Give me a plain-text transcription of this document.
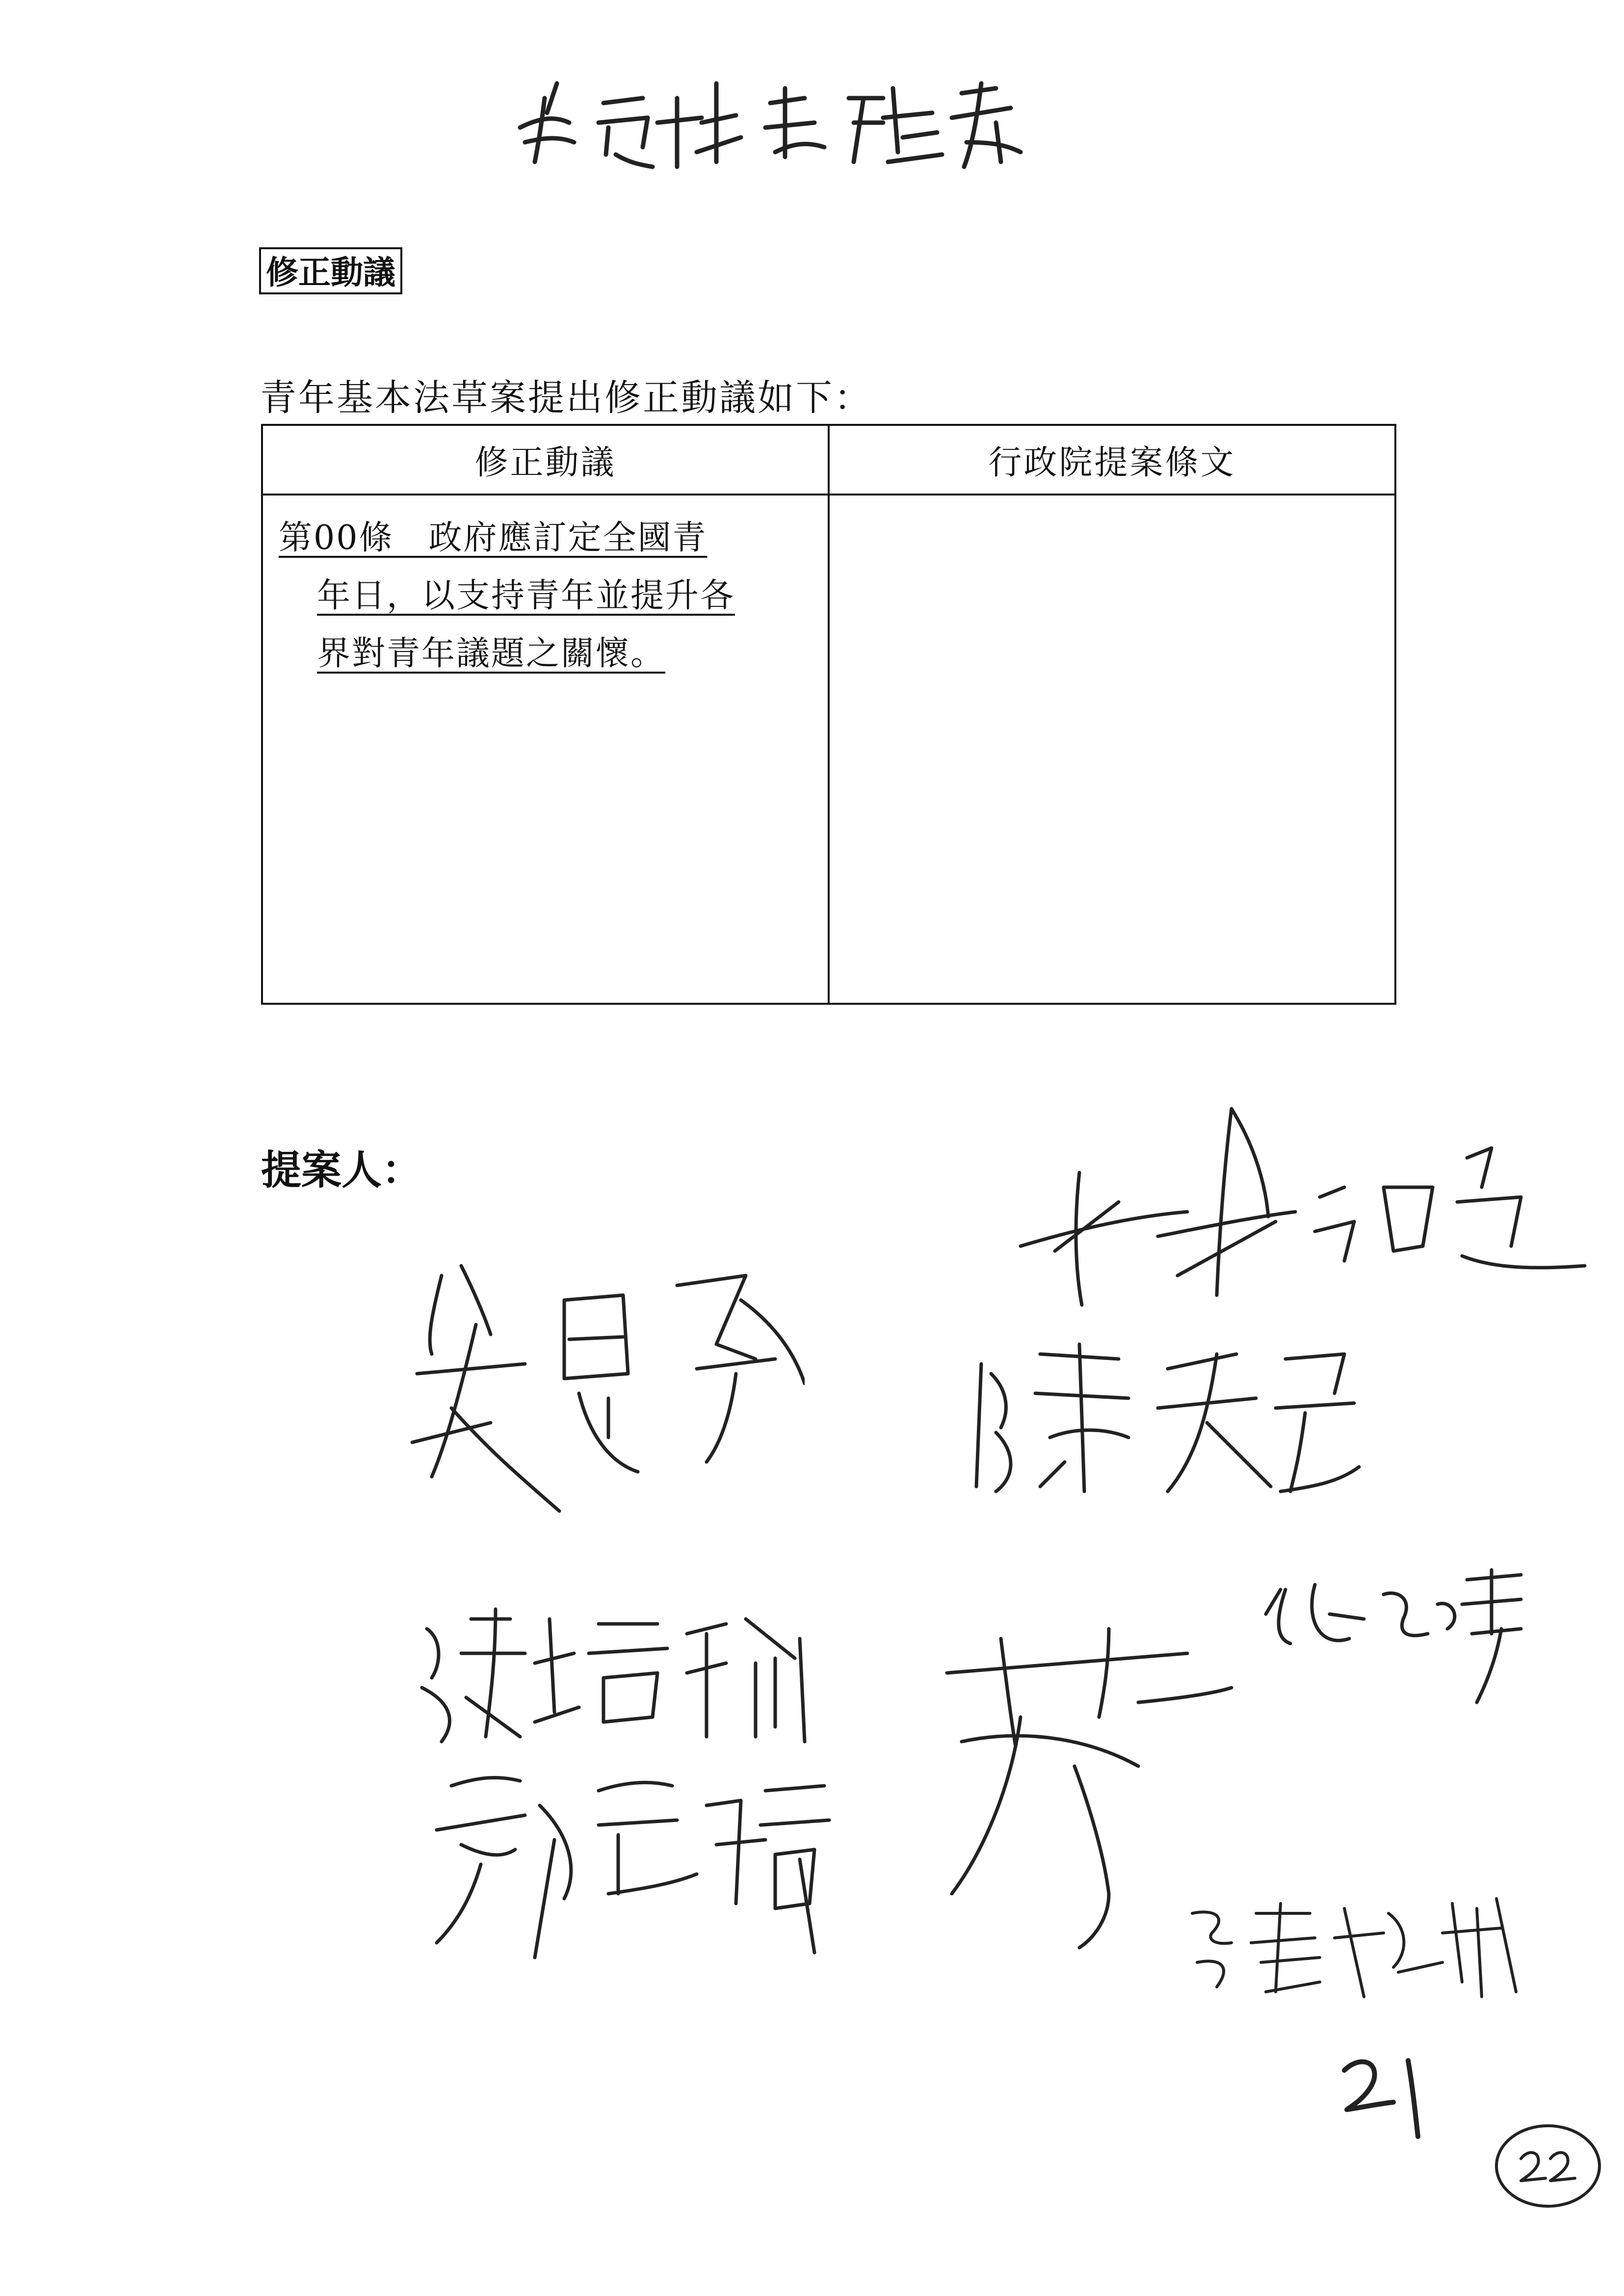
修正動議
青年基本法草案提出修正動議如下：
修正動議	行政院提案條文

第00條　政府應訂定全國青
年日，以支持青年並提升各
界對青年議題之關懷。	

提案人：
